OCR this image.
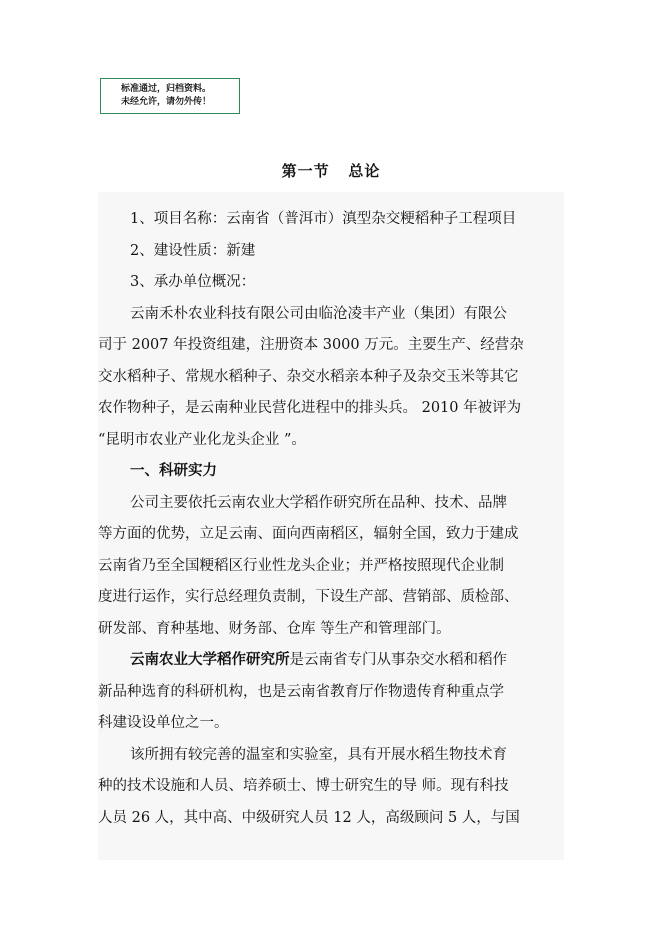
标准通过，归档资料。
未经允许，请勿外传！
第一节   总论
1、项目名称：云南省（普洱市）滇型杂交粳稻种子工程项目
2、建设性质：新建
3、承办单位概况：
云南禾朴农业科技有限公司由临沧凌丰产业（集团）有限公
司于 2007 年投资组建，注册资本 3000 万元。主要生产、经营杂
交水稻种子、常规水稻种子、杂交水稻亲本种子及杂交玉米等其它
农作物种子，是云南种业民营化进程中的排头兵。 2010 年被评为
“昆明市农业产业化龙头企业 ”。
一、科研实力
公司主要依托云南农业大学稻作研究所在品种、技术、品牌
等方面的优势，立足云南、面向西南稻区，辐射全国，致力于建成
云南省乃至全国粳稻区行业性龙头企业；并严格按照现代企业制
度进行运作，实行总经理负责制，下设生产部、营销部、质检部、
研发部、育种基地、财务部、仓库 等生产和管理部门。
云南农业大学稻作研究所是云南省专门从事杂交水稻和稻作
新品种选育的科研机构，也是云南省教育厅作物遗传育种重点学
科建设设单位之一。
该所拥有较完善的温室和实验室，具有开展水稻生物技术育
种的技术设施和人员、培养硕士、博士研究生的导 师。现有科技
人员 26 人，其中高、中级研究人员 12 人，高级顾问 5 人，与国
